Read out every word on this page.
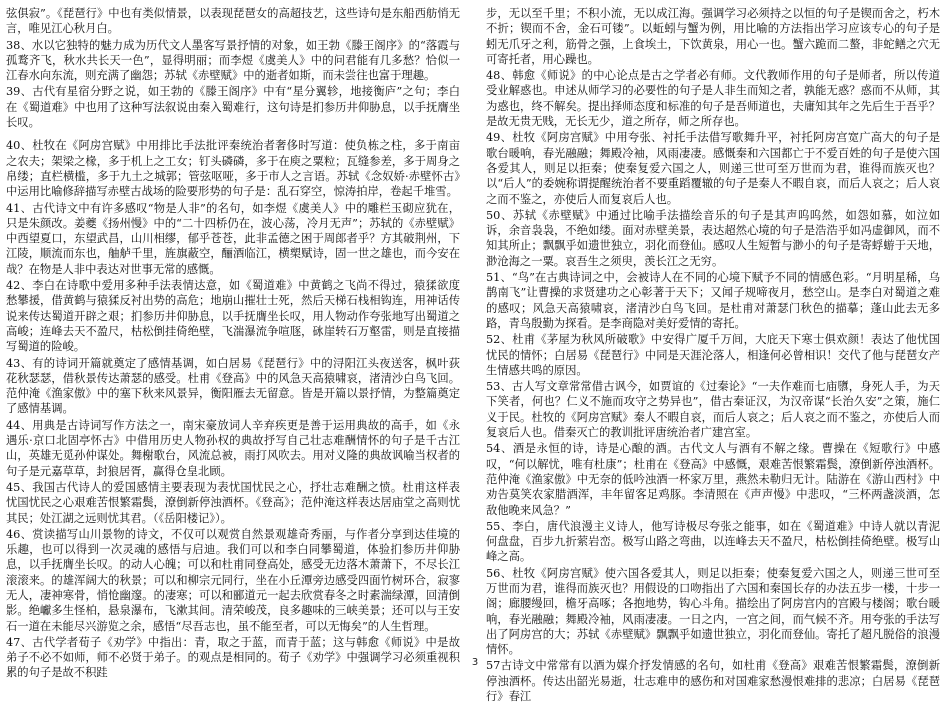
弦俱寂”。《琵琶行》中也有类似情景，以表现琵琶女的高超技艺，这些诗句是东船西舫悄无言，唯见江心秋月白。

38、水以它独特的魅力成为历代文人墨客写景抒情的对象，如王勃《滕王阁序》的“落霞与孤鹜齐飞，秋水共长天一色”，显得明丽；而李煜《虞美人》中的问君能有几多愁？恰似一江春水向东流，则充满了幽怨；苏轼《赤壁赋》中的逝者如斯，而未尝往也富于理趣。

39、古代有星宿分野之说，如王勃的《滕王阁序》中有“星分翼轸，地接衡庐”之句；李白在《蜀道难》中也用了这种写法叙说由秦入蜀难行，这句诗是扪参历井仰胁息，以手抚膺坐长叹。

40、杜牧在《阿房宫赋》中用排比手法批评秦统治者奢侈时写道：使负栋之柱，多于南亩之农夫；架梁之椽，多于机上之工女；钉头磷磷，多于在庾之粟粒；瓦缝参差，多于周身之帛缕；直栏横槛，多于九土之城郭；管弦呕哑，多于市人之言语。苏轼《念奴娇·赤壁怀古》中运用比喻修辞描写赤壁古战场的险要形势的句子是：乱石穿空，惊涛拍岸，卷起千堆雪。

41、古代诗文中有许多感叹“物是人非”的名句，如李煜《虞美人》中的雕栏玉砌应犹在，只是朱颜改。姜夔《扬州慢》中的“二十四桥仍在，波心荡，冷月无声”；苏轼的《赤壁赋》中西望夏口，东望武昌，山川相缪，郁乎苍苍，此非孟德之困于周郎者乎？方其破荆州，下江陵，顺流而东也，舳舻千里，旌旗蔽空，酾酒临江，横槊赋诗，固一世之雄也，而今安在哉？在物是人非中表达对世事无常的感慨。

42、李白在诗歌中爱用多种手法表情达意，如《蜀道难》中黄鹤之飞尚不得过，猿猱欲度愁攀援，借黄鹤与猿猱反衬出势的高危；地崩山摧壮士死，然后天梯石栈相钩连，用神话传说来传达蜀道开辟之艰；扪参历井仰胁息，以手抚膺坐长叹，用人物动作夸张地写出蜀道之高峻；连峰去天不盈尺，枯松倒挂倚绝壁，飞湍瀑流争喧豗，砯崖转石万壑雷，则是直接描写蜀道的险峻。

43、有的诗词开篇就奠定了感情基调，如白居易《琵琶行》中的浔阳江头夜送客，枫叶荻花秋瑟瑟，借秋景传达萧瑟的感受。杜甫《登高》中的风急天高猿啸哀，渚清沙白鸟飞回。范仲淹《渔家傲》中的塞下秋来风景异，衡阳雁去无留意。皆是开篇以景抒情，为整篇奠定了感情基调。

44、用典是古诗词写作方法之一，南宋豪放词人辛弃疾更是善于运用典故的高手，如《永遇乐·京口北固亭怀古》中借用历史人物孙权的典故抒写自己壮志难酬情怀的句子是千古江山，英雄无觅孙仲谋处。舞榭歌台，风流总被，雨打风吹去。用对义隆的典故讽喻当权者的句子是元嘉草草，封狼居胥，赢得仓皇北顾。

45、我国古代诗人的爱国感情主要表现为表忧国忧民之心，抒壮志难酬之愤。杜甫这样表忧国忧民之心艰难苦恨繁霜鬓，潦倒新停浊酒杯。《登高》；范仲淹这样表达居庙堂之高则忧其民；处江湖之远则忧其君。（《岳阳楼记》）。

46、赏读描写山川景物的诗文，不仅可以观赏自然景观雄奇秀丽，与作者分享到达佳境的乐趣，也可以得到一次灵魂的感悟与启迪。我们可以和李白同攀蜀道，体验扪参历井仰胁息，以手抚膺坐长叹。的动人心魄；可以和杜甫同登高处，感受无边落木萧萧下，不尽长江滚滚来。的雄浑阔大的秋景；可以和柳宗元同行，坐在小丘潭旁边感受四面竹树环合，寂寥无人，凄神寒骨，悄怆幽邃。的凄寒；可以和郦道元一起去欣赏春冬之时素湍绿潭，回清倒影。绝巘多生怪柏，悬泉瀑布，飞漱其间。清荣峻茂，良多趣味的三峡美景；还可以与王安石一道在未能尽兴游览之余，感悟“尽吾志也，虽不能至者，可以无悔矣”的人生哲理。

47、古代学者荀子《劝学》中指出：青，取之于蓝，而青于蓝；这与韩愈《师说》中是故弟子不必不如师，师不必贤于弟子。的观点是相同的。荀子《劝学》中强调学习必须重视积累的句子是故不积跬

步，无以至千里；不积小流，无以成江海。强调学习必须持之以恒的句子是锲而舍之，朽木不折；锲而不舍，金石可镂”。以蚯蚓与蟹为例，用比喻的方法指出学习应该专心的句子是蚓无爪牙之利，筋骨之强，上食埃土，下饮黄泉，用心一也。蟹六跪而二螯，非蛇鳝之穴无可寄托者，用心躁也。

48、韩愈《师说》的中心论点是古之学者必有师。文代教师作用的句子是师者，所以传道受业解惑也。申述从师学习的必要性的句子是人非生而知之者，孰能无惑？惑而不从师，其为惑也，终不解矣。提出择师态度和标准的句子是吾师道也，夫庸知其年之先后生于吾乎？是故无贵无贱，无长无少，道之所存，师之所存也。

49、杜牧《阿房宫赋》中用夸张、衬托手法借写歌舞升平，衬托阿房宫宽广高大的句子是歌台暖响，春光融融；舞殿冷袖，风雨凄凄。感慨秦和六国都亡于不爱百姓的句子是使六国各爱其人，则足以拒秦；使秦复爱六国之人，则递三世可至万世而为君，谁得而族灭也？以“后人”的委婉称谓提醒统治者不要重蹈覆辙的句子是秦人不暇自哀，而后人哀之；后人哀之而不鉴之，亦使后人而复哀后人也。

50、苏轼《赤壁赋》中通过比喻手法描绘音乐的句子是其声呜呜然，如怨如慕，如泣如诉，余音袅袅，不绝如缕。面对赤壁美景，表达超然心境的句子是浩浩乎如冯虚御风，而不知其所止；飘飘乎如遗世独立，羽化而登仙。感叹人生短暂与渺小的句子是寄蜉蝣于天地，渺沧海之一粟。哀吾生之须臾，羡长江之无穷。

51、“鸟”在古典诗词之中，会被诗人在不同的心境下赋予不同的情感色彩。“月明星稀，乌鹊南飞”让曹操的求贤建功之心彰著于天下；又闻子规啼夜月，愁空山。是李白对蜀道之难的感叹；风急天高猿啸哀，渚清沙白鸟飞回。是杜甫对萧瑟门秋色的描摹；蓬山此去无多路，青鸟殷勤为探看。是李商隐对美好爱情的寄托。

52、杜甫《茅屋为秋风所破歌》中安得广厦千万间，大庇天下寒士俱欢颜！表达了他忧国忧民的情怀；白居易《琵琶行》中同是天涯沦落人，相逢何必曾相识！交代了他与琵琶女产生情感共鸣的原因。

53、古人写文章常常借古讽今，如贾谊的《过秦论》“一夫作难而七庙隳，身死人手，为天下笑者，何也？仁义不施而攻守之势异也”，借古秦证汉，为汉帝谋“长治久安”之策，施仁义于民。杜牧的《阿房宫赋》秦人不暇自哀，而后人哀之；后人哀之而不鉴之，亦使后人而复哀后人也。借秦灭亡的教训批评唐统治者广建宫室。

54、酒是永恒的诗，诗是心酿的酒。古代文人与酒有不解之缘。曹操在《短歌行》中感叹，“何以解忧，唯有杜康”；杜甫在《登高》中感慨，艰难苦恨繁霜鬓，潦倒新停浊酒杯。范仲淹《渔家傲》中无奈的低吟浊酒一杯家万里，燕然未勒归无计。陆游在《游山西村》中劝告莫笑农家腊酒浑，丰年留客足鸡豚。李清照在《声声慢》中悲叹，“三杯两盏淡酒，怎敌他晚来风急？”

55、李白，唐代浪漫主义诗人，他写诗极尽夸张之能事，如在《蜀道难》中诗人就以青泥何盘盘，百步九折萦岩峦。极写山路之弯曲，以连峰去天不盈尺，枯松倒挂倚绝壁。极写山峰之高。

56、杜牧《阿房宫赋》使六国各爱其人，则足以拒秦；使秦复爱六国之人，则递三世可至万世而为君，谁得而族灭也？用假设的口吻指出了六国和秦国长存的办法五步一楼，十步一阁；廊腰缦回，檐牙高啄；各抱地势，钩心斗角。描绘出了阿房宫内的宫殿与楼阁；歌台暖响，春光融融；舞殿冷袖，风雨凄凄。一日之内，一宫之间，而气候不齐。用夸张的手法写出了阿房宫的大；苏轼《赤壁赋》飘飘乎如遗世独立，羽化而登仙。寄托了超凡脱俗的浪漫情怀。

57古诗文中常常有以酒为媒介抒发情感的名句，如杜甫《登高》艰难苦恨繁霜鬓，潦倒新停浊酒杯。传达出韶光易逝，壮志难申的感伤和对国难家愁漫恨难排的悲凉；白居易《琵琶行》春江

3
